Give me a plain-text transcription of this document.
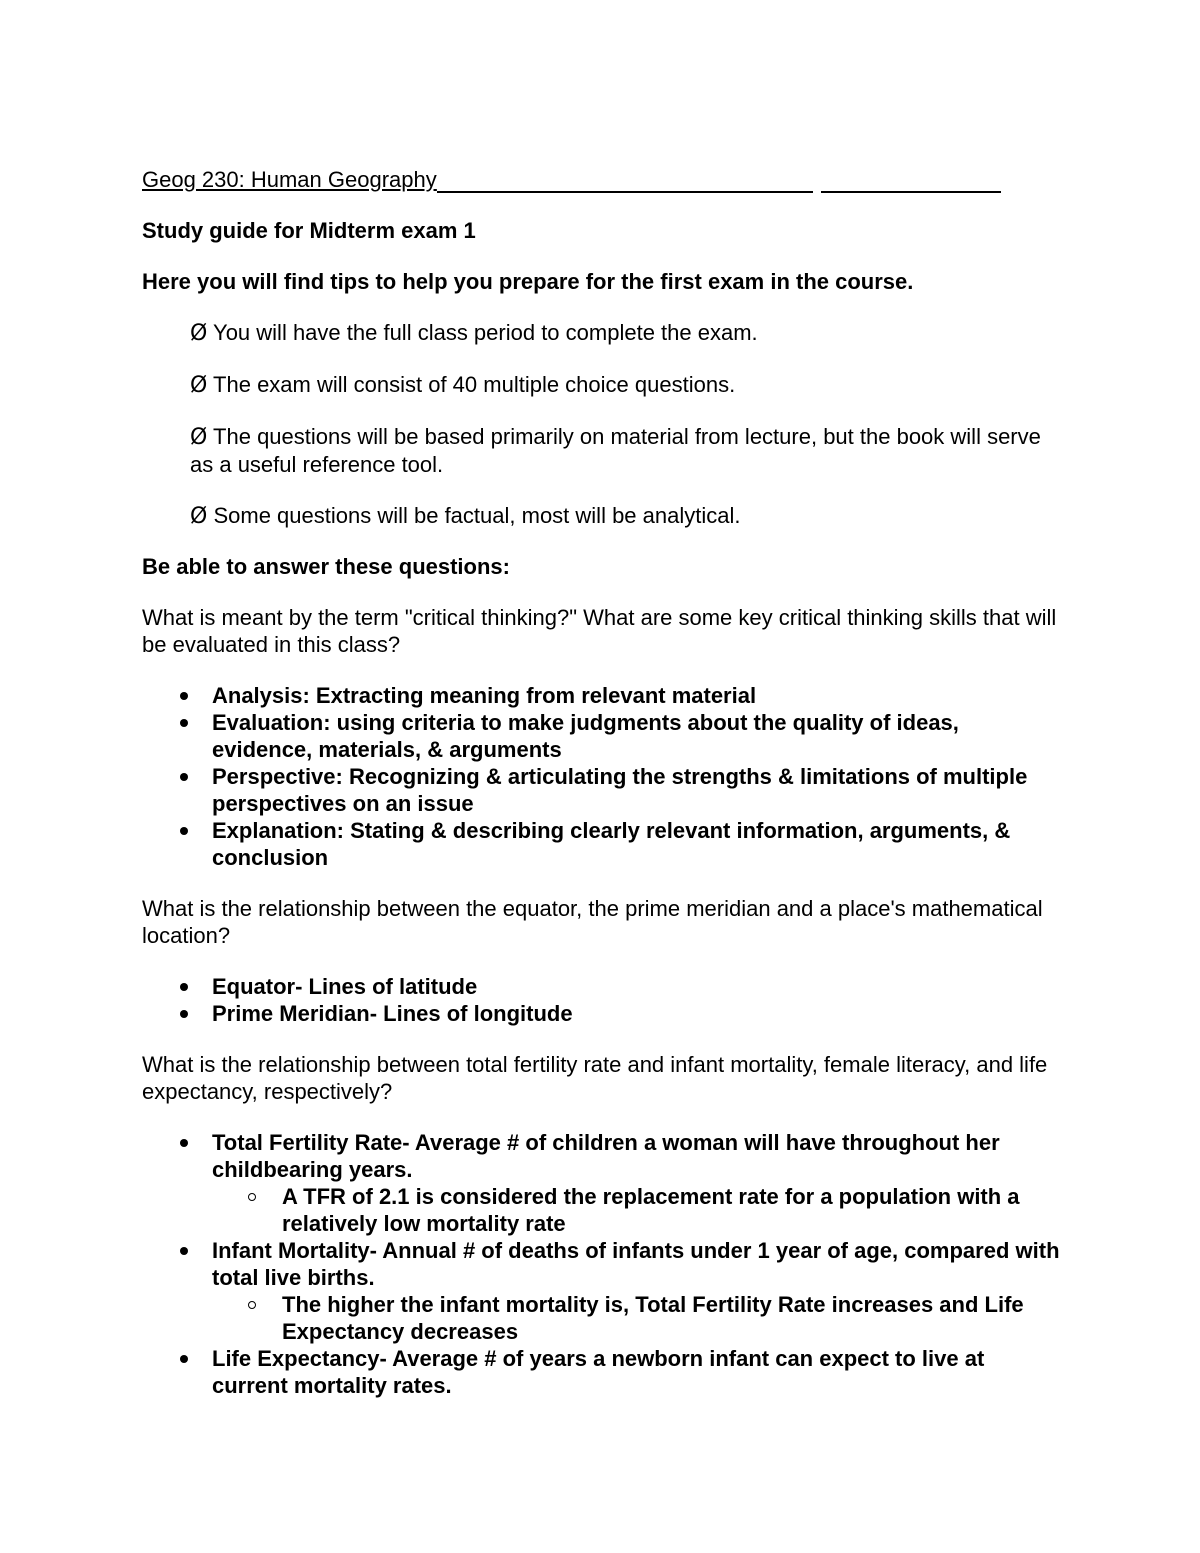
Geog 230: Human Geography

Study guide for Midterm exam 1

Here you will find tips to help you prepare for the first exam in the course.

Ø You will have the full class period to complete the exam.

Ø The exam will consist of 40 multiple choice questions.

Ø The questions will be based primarily on material from lecture, but the book will serve as a useful reference tool.

Ø Some questions will be factual, most will be analytical.

Be able to answer these questions:

What is meant by the term "critical thinking?" What are some key critical thinking skills that will be evaluated in this class?

Analysis: Extracting meaning from relevant material
Evaluation: using criteria to make judgments about the quality of ideas, evidence, materials, & arguments
Perspective: Recognizing & articulating the strengths & limitations of multiple perspectives on an issue
Explanation: Stating & describing clearly relevant information, arguments, & conclusion

What is the relationship between the equator, the prime meridian and a place's mathematical location?

Equator- Lines of latitude
Prime Meridian- Lines of longitude

What is the relationship between total fertility rate and infant mortality, female literacy, and life expectancy, respectively?

Total Fertility Rate- Average # of children a woman will have throughout her childbearing years.
A TFR of 2.1 is considered the replacement rate for a population with a relatively low mortality rate
Infant Mortality- Annual # of deaths of infants under 1 year of age, compared with total live births.
The higher the infant mortality is, Total Fertility Rate increases and Life Expectancy decreases
Life Expectancy- Average # of years a newborn infant can expect to live at current mortality rates.
